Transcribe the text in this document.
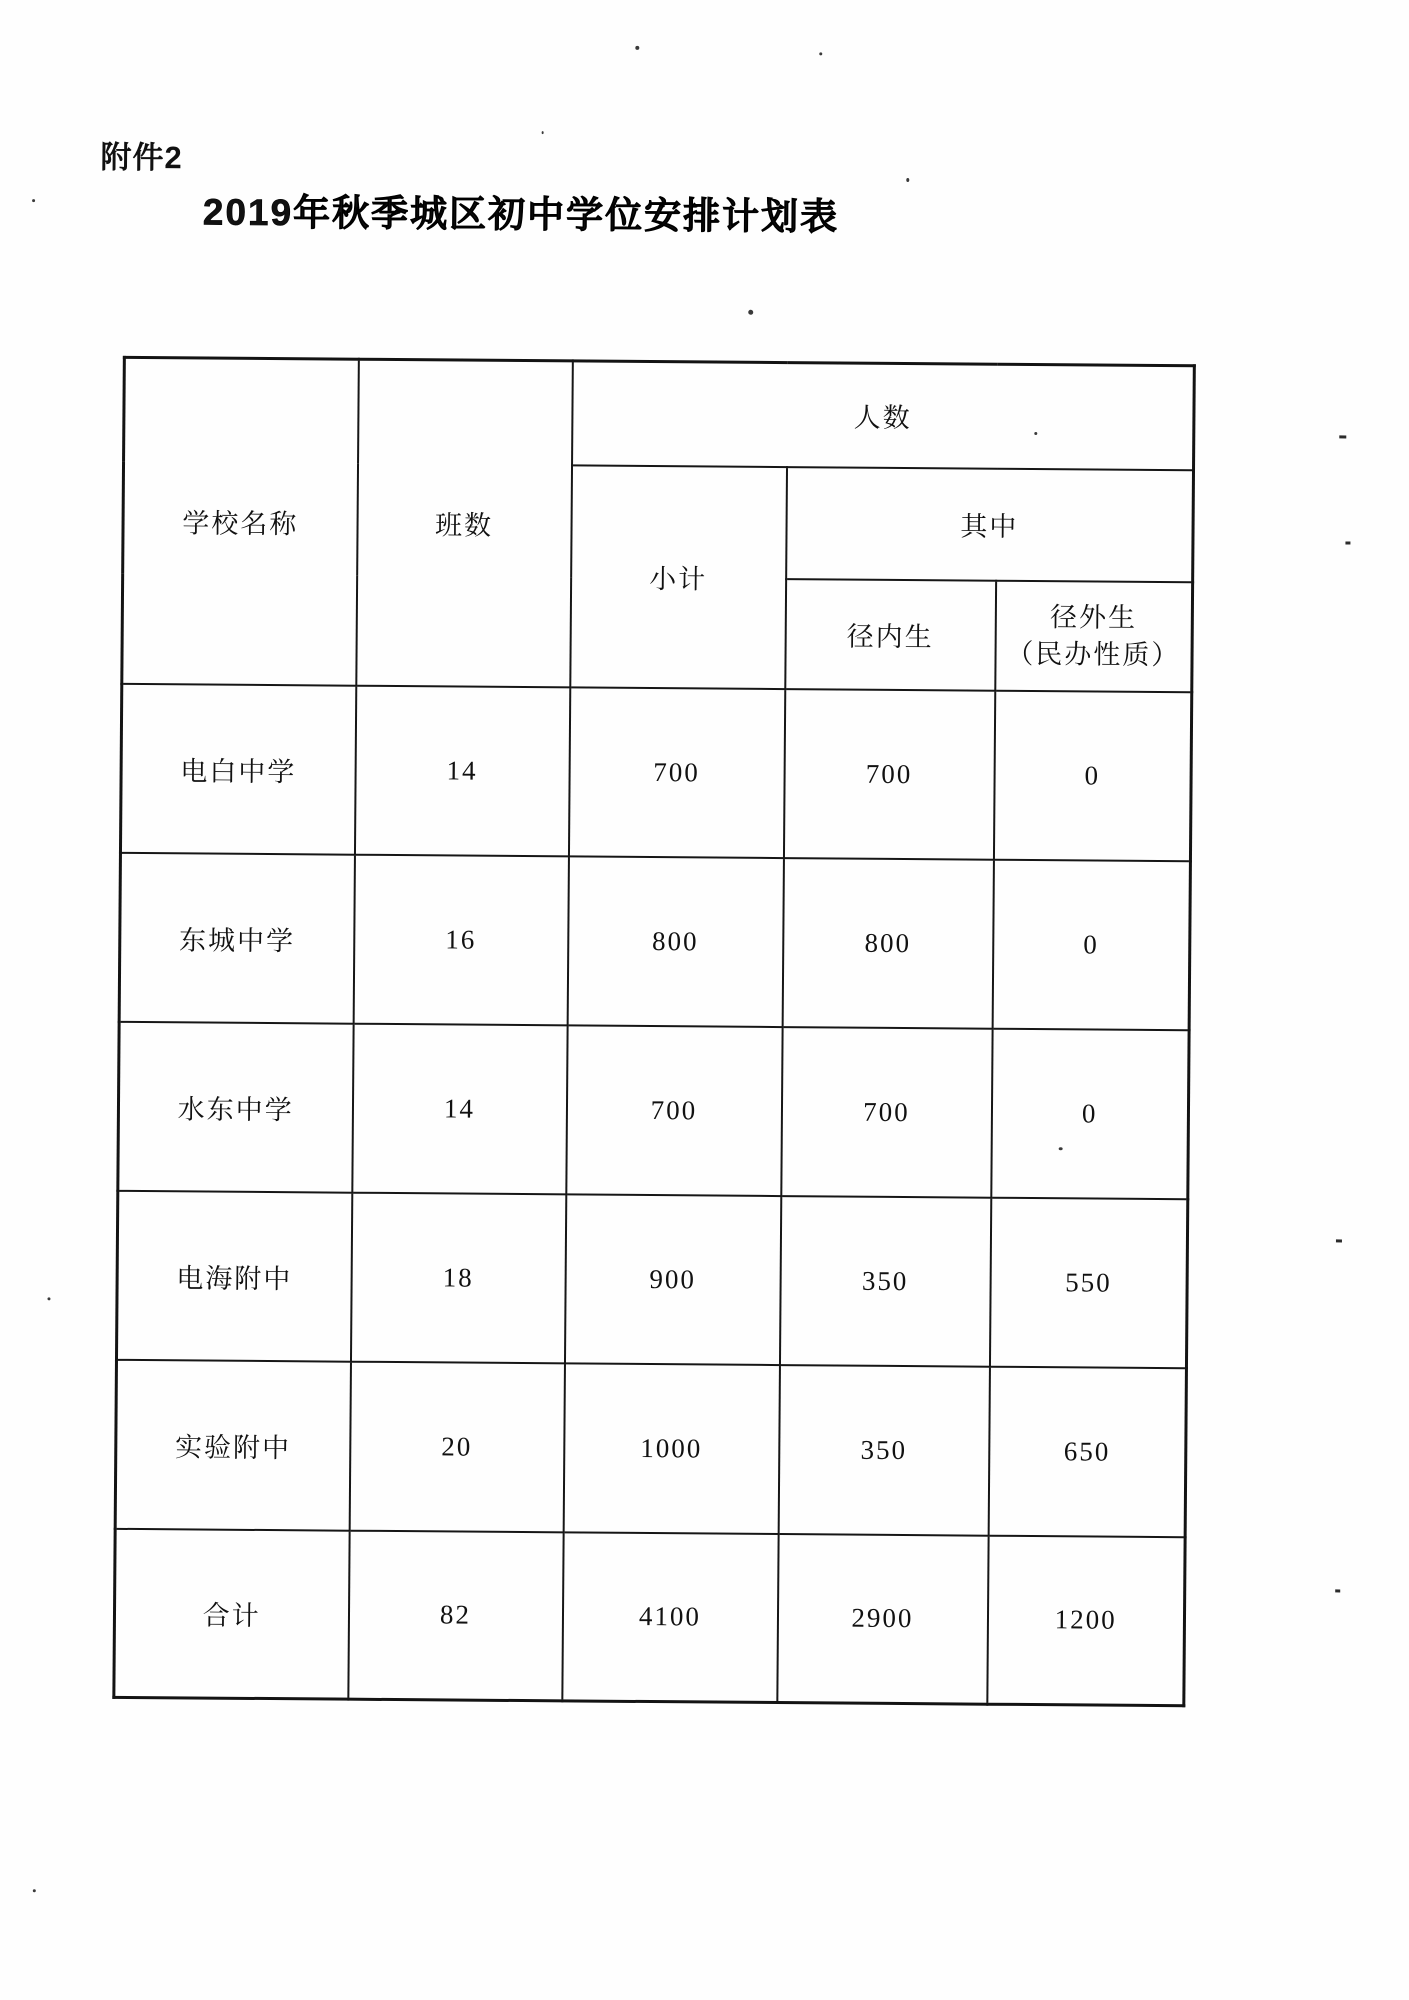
附件2
2019年秋季城区初中学位安排计划表
学校名称	班数	人数		
		小计	其中	
			径内生	径外生
（民办性质）

电白中学	14	700	700	0
东城中学	16	800	800	0
水东中学	14	700	700	0
电海附中	18	900	350	550
实验附中	20	1000	350	650
合计	82	4100	2900	1200
